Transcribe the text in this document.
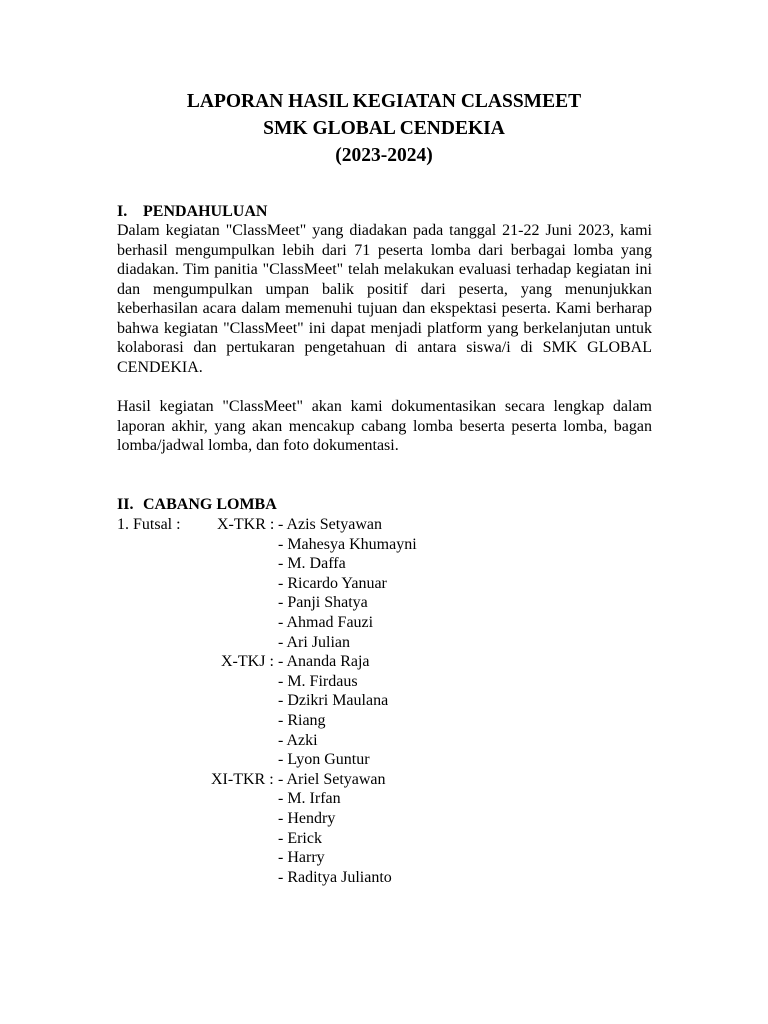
LAPORAN HASIL KEGIATAN CLASSMEET
SMK GLOBAL CENDEKIA
(2023-2024)
I. PENDAHULUAN
Dalam kegiatan "ClassMeet" yang diadakan pada tanggal 21-22 Juni 2023, kami berhasil mengumpulkan lebih dari 71 peserta lomba dari berbagai lomba yang diadakan. Tim panitia "ClassMeet" telah melakukan evaluasi terhadap kegiatan ini dan mengumpulkan umpan balik positif dari peserta, yang menunjukkan keberhasilan acara dalam memenuhi tujuan dan ekspektasi peserta. Kami berharap bahwa kegiatan "ClassMeet" ini dapat menjadi platform yang berkelanjutan untuk kolaborasi dan pertukaran pengetahuan di antara siswa/i di SMK GLOBAL CENDEKIA.
Hasil kegiatan "ClassMeet" akan kami dokumentasikan secara lengkap dalam laporan akhir, yang akan mencakup cabang lomba beserta peserta lomba, bagan lomba/jadwal lomba, dan foto dokumentasi.
II. CABANG LOMBA
1. Futsal : X-TKR : - Azis Setyawan
- Mahesya Khumayni
- M. Daffa
- Ricardo Yanuar
- Panji Shatya
- Ahmad Fauzi
- Ari Julian
X-TKJ : - Ananda Raja
- M. Firdaus
- Dzikri Maulana
- Riang
- Azki
- Lyon Guntur
XI-TKR : - Ariel Setyawan
- M. Irfan
- Hendry
- Erick
- Harry
- Raditya Julianto
